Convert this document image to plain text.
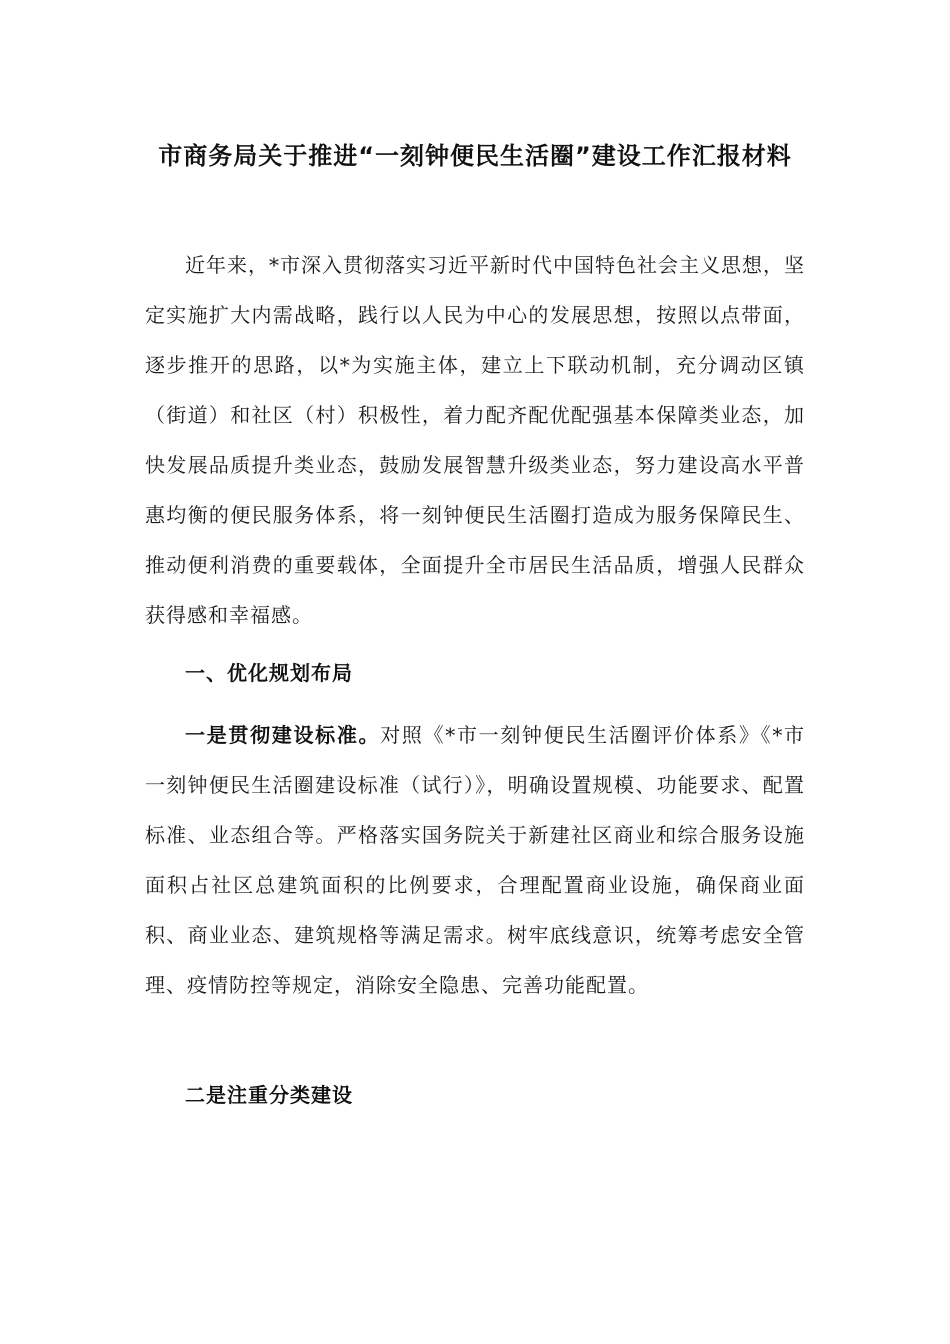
市商务局关于推进“一刻钟便民生活圈”建设工作汇报材料

近年来，*市深入贯彻落实习近平新时代中国特色社会主义思想，坚定实施扩大内需战略，践行以人民为中心的发展思想，按照以点带面，逐步推开的思路，以*为实施主体，建立上下联动机制，充分调动区镇（街道）和社区（村）积极性，着力配齐配优配强基本保障类业态，加快发展品质提升类业态，鼓励发展智慧升级类业态，努力建设高水平普惠均衡的便民服务体系，将一刻钟便民生活圈打造成为服务保障民生、推动便利消费的重要载体，全面提升全市居民生活品质，增强人民群众获得感和幸福感。

一、优化规划布局

一是贯彻建设标准。对照《*市一刻钟便民生活圈评价体系》《*市一刻钟便民生活圈建设标准（试行）》，明确设置规模、功能要求、配置标准、业态组合等。严格落实国务院关于新建社区商业和综合服务设施面积占社区总建筑面积的比例要求，合理配置商业设施，确保商业面积、商业业态、建筑规格等满足需求。树牢底线意识，统筹考虑安全管理、疫情防控等规定，消除安全隐患、完善功能配置。

二是注重分类建设
